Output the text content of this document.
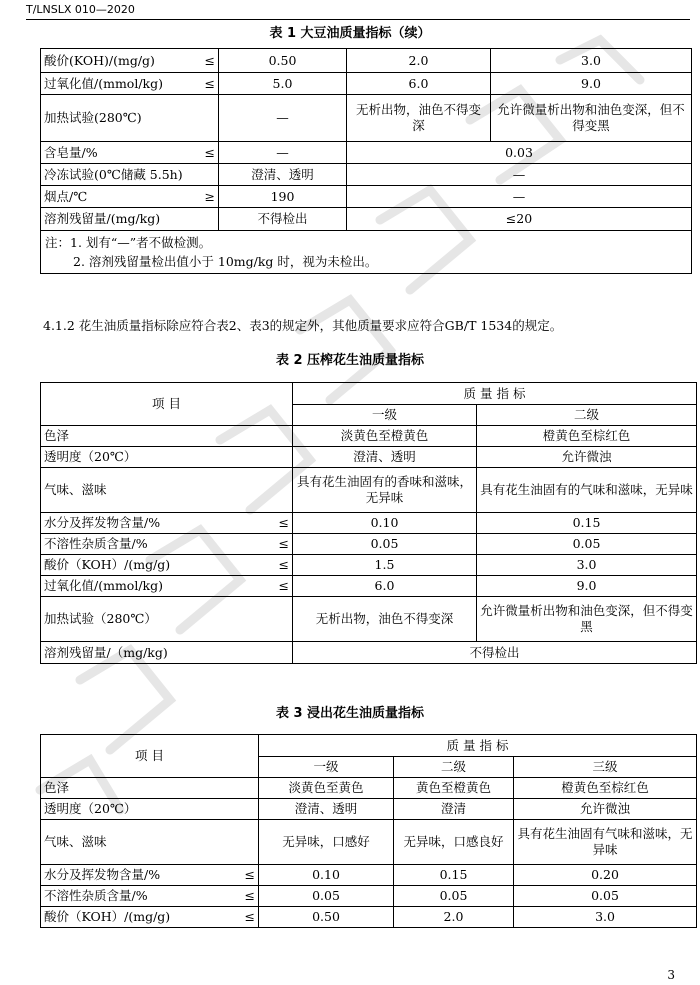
T/LNSLX 010—2020
表 1 大豆油质量指标（续）
酸价(KOH)/(mg/g) ≤	0.50	2.0	3.0

过氧化值/(mmol/kg) ≤	5.0	6.0	9.0
加热试验(280℃)	—	无析出物，油色不得变深	允许微量析出物和油色变深，但不得变黑

含皂量/% ≤	—	0.03	
冷冻试验(0℃储藏 5.5h)	澄清、透明	—	

烟点/℃ ≥	190	—	
溶剂残留量/(mg/kg)	不得检出	≤20	

注：1. 划有“—”者不做检测。
2. 溶剂残留量检出值小于 10mg/kg 时，视为未检出。			
4.1.2 花生油质量指标除应符合表2、表3的规定外，其他质量要求应符合GB/T 1534的规定。
表 2 压榨花生油质量指标
项 目	质 量 指 标	
	一级	二级
色泽	淡黄色至橙黄色	橙黄色至棕红色
透明度（20℃）	澄清、透明	允许微浊
气味、滋味	具有花生油固有的香味和滋味，无异味	具有花生油固有的气味和滋味，无异味

水分及挥发物含量/% ≤	0.10	0.15

不溶性杂质含量/% ≤	0.05	0.05

酸价（KOH）/(mg/g) ≤	1.5	3.0

过氧化值/(mmol/kg) ≤	6.0	9.0
加热试验（280℃）	无析出物，油色不得变深	允许微量析出物和油色变深，但不得变黑
溶剂残留量/（mg/kg)	不得检出	
表 3 浸出花生油质量指标
项 目	质 量 指 标		
	一级	二级	三级
色泽	淡黄色至黄色	黄色至橙黄色	橙黄色至棕红色
透明度（20℃）	澄清、透明	澄清	允许微浊
气味、滋味	无异味，口感好	无异味，口感良好	具有花生油固有气味和滋味，无异味

水分及挥发物含量/% ≤	0.10	0.15	0.20

不溶性杂质含量/% ≤	0.05	0.05	0.05

酸价（KOH）/(mg/g) ≤	0.50	2.0	3.0
3
